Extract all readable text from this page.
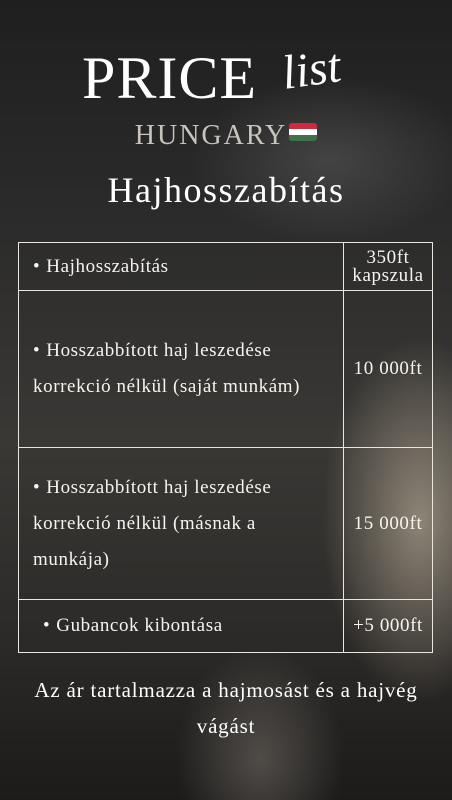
PRICE list
HUNGARY
Hajhosszabítás
• Hajhosszabítás	350ft
kapszula

• Hosszabbított haj leszedése korrekció nélkül (saját munkám)	10 000ft

• Hosszabbított haj leszedése korrekció nélkül (másnak a munkája)	15 000ft

• Gubancok kibontása	+5 000ft
Az ár tartalmazza a hajmosást és a hajvég vágást
